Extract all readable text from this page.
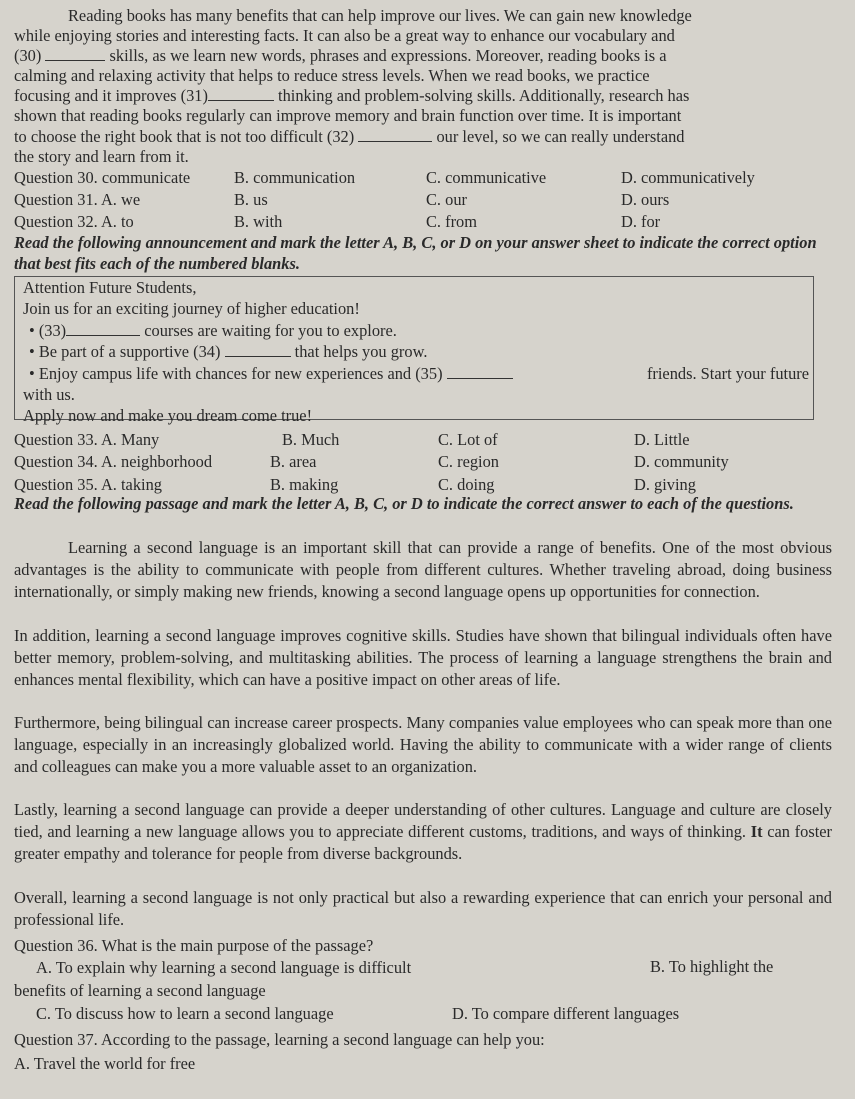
Reading books has many benefits that can help improve our lives. We can gain new knowledge
while enjoying stories and interesting facts. It can also be a great way to enhance our vocabulary and
(30)	skills, as we learn new words, phrases and expressions. Moreover, reading books is a
calming and relaxing activity that helps to reduce stress levels. When we read books, we practice
focusing and it improves (31)	thinking and problem-solving skills. Additionally, research has
shown that reading books regularly can improve memory and brain function over time. It is important
to choose the right book that is not too difficult (32)	our level, so we can really understand
the story and learn from it.
Question 30. communicate	B. communication	C. communicative	D. communicatively
Question 31. A. we	B. us	C. our	D. ours
Question 32. A. to	B. with	C. from	D. for
Read the following announcement and mark the letter A, B, C, or D on your answer sheet to indicate the correct option that best fits each of the numbered blanks.
Attention Future Students,
Join us for an exciting journey of higher education!
• (33)	courses are waiting for you to explore.
• Be part of a supportive (34)	that helps you grow.
• Enjoy campus life with chances for new experiences and (35)	friends. Start your future
with us.
Apply now and make you dream come true!
Question 33. A. Many	B. Much	C. Lot of	D. Little
Question 34. A. neighborhood	B. area	C. region	D. community
Question 35. A. taking	B. making	C. doing	D. giving
Read the following passage and mark the letter A, B, C, or D to indicate the correct answer to each of the questions.
Learning a second language is an important skill that can provide a range of benefits. One of the most obvious advantages is the ability to communicate with people from different cultures. Whether traveling abroad, doing business internationally, or simply making new friends, knowing a second language opens up opportunities for connection.
In addition, learning a second language improves cognitive skills. Studies have shown that bilingual individuals often have better memory, problem-solving, and multitasking abilities. The process of learning a language strengthens the brain and enhances mental flexibility, which can have a positive impact on other areas of life.
Furthermore, being bilingual can increase career prospects. Many companies value employees who can speak more than one language, especially in an increasingly globalized world. Having the ability to communicate with a wider range of clients and colleagues can make you a more valuable asset to an organization.
Lastly, learning a second language can provide a deeper understanding of other cultures. Language and culture are closely tied, and learning a new language allows you to appreciate different customs, traditions, and ways of thinking. It can foster greater empathy and tolerance for people from diverse backgrounds.
Overall, learning a second language is not only practical but also a rewarding experience that can enrich your personal and professional life.
Question 36. What is the main purpose of the passage?
A. To explain why learning a second language is difficult	B. To highlight the
benefits of learning a second language
C. To discuss how to learn a second language	D. To compare different languages
Question 37. According to the passage, learning a second language can help you:
A. Travel the world for free
